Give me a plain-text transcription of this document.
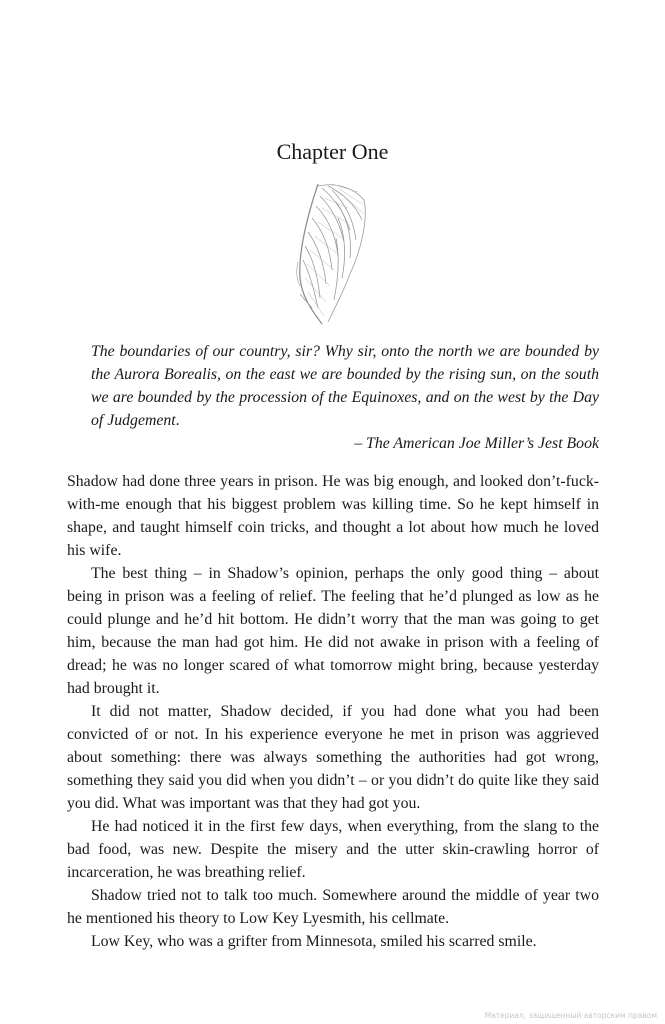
Chapter One
The boundaries of our country, sir? Why sir, onto the north we are bounded by the Aurora Borealis, on the east we are bounded by the rising sun, on the south we are bounded by the procession of the Equinoxes, and on the west by the Day of Judgement.
– The American Joe Miller’s Jest Book

Shadow had done three years in prison. He was big enough, and looked don’t-fuck-with-me enough that his biggest problem was killing time. So he kept himself in shape, and taught himself coin tricks, and thought a lot about how much he loved his wife.

The best thing – in Shadow’s opinion, perhaps the only good thing – about being in prison was a feeling of relief. The feeling that he’d plunged as low as he could plunge and he’d hit bottom. He didn’t worry that the man was going to get him, because the man had got him. He did not awake in prison with a feeling of dread; he was no longer scared of what tomorrow might bring, because yesterday had brought it.

It did not matter, Shadow decided, if you had done what you had been convicted of or not. In his experience everyone he met in prison was aggrieved about something: there was always something the authorities had got wrong, something they said you did when you didn’t – or you didn’t do quite like they said you did. What was important was that they had got you.

He had noticed it in the first few days, when everything, from the slang to the bad food, was new. Despite the misery and the utter skin-crawling horror of incarceration, he was breathing relief.

Shadow tried not to talk too much. Somewhere around the middle of year two he mentioned his theory to Low Key Lyesmith, his cellmate.

Low Key, who was a grifter from Minnesota, smiled his scarred smile.

Материал, защищенный авторским правом
